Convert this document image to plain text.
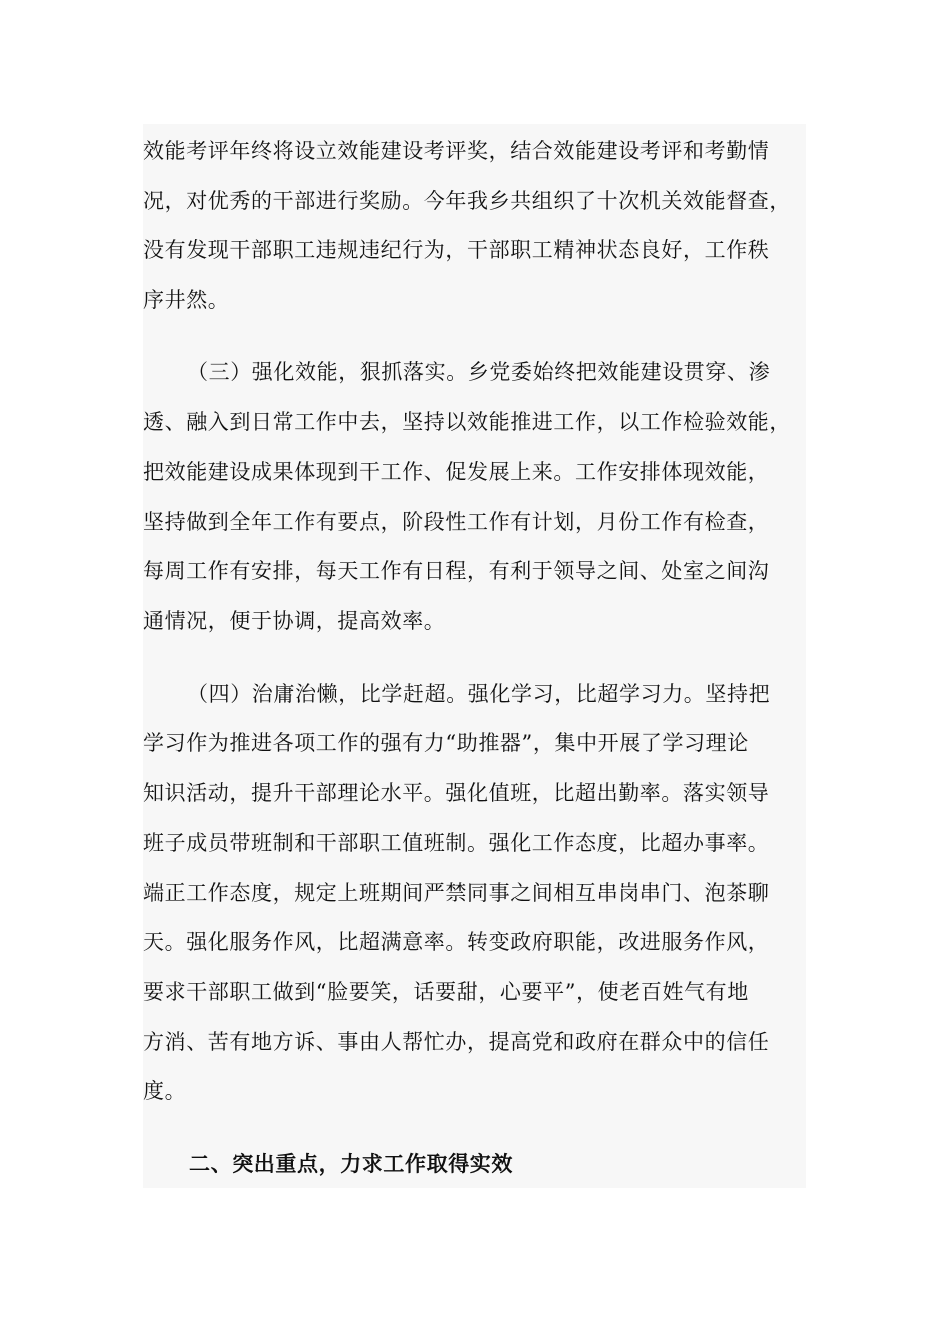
效能考评年终将设立效能建设考评奖，结合效能建设考评和考勤情
况，对优秀的干部进行奖励。今年我乡共组织了十次机关效能督查，
没有发现干部职工违规违纪行为，干部职工精神状态良好，工作秩
序井然。
（三）强化效能，狠抓落实。乡党委始终把效能建设贯穿、渗
透、融入到日常工作中去，坚持以效能推进工作，以工作检验效能，
把效能建设成果体现到干工作、促发展上来。工作安排体现效能，
坚持做到全年工作有要点，阶段性工作有计划，月份工作有检查，
每周工作有安排，每天工作有日程，有利于领导之间、处室之间沟
通情况，便于协调，提高效率。
（四）治庸治懒，比学赶超。强化学习，比超学习力。坚持把
学习作为推进各项工作的强有力“助推器”，集中开展了学习理论
知识活动，提升干部理论水平。强化值班，比超出勤率。落实领导
班子成员带班制和干部职工值班制。强化工作态度，比超办事率。
端正工作态度，规定上班期间严禁同事之间相互串岗串门、泡茶聊
天。强化服务作风，比超满意率。转变政府职能，改进服务作风，
要求干部职工做到“脸要笑，话要甜，心要平”，使老百姓气有地
方消、苦有地方诉、事由人帮忙办，提高党和政府在群众中的信任
度。
二、突出重点，力求工作取得实效
